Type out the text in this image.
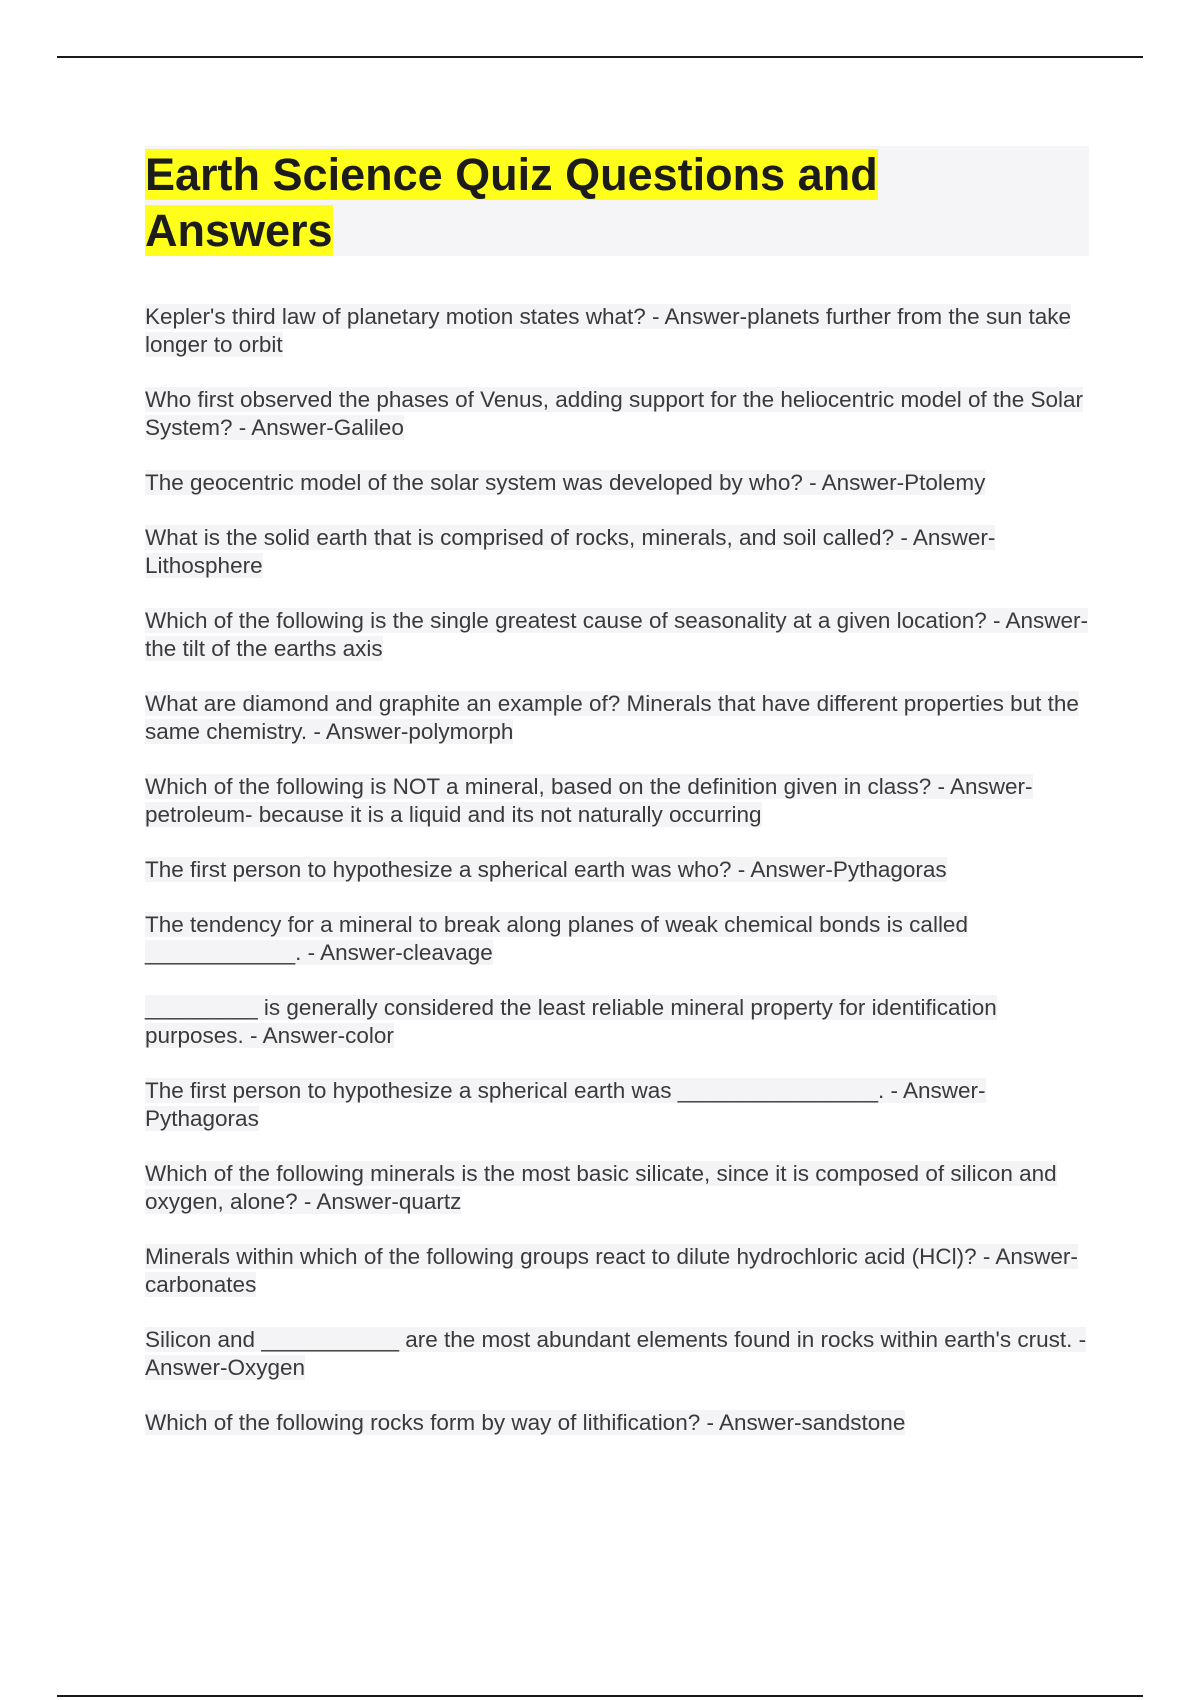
Earth Science Quiz Questions and Answers
Kepler's third law of planetary motion states what? - Answer-planets further from the sun take longer to orbit
Who first observed the phases of Venus, adding support for the heliocentric model of the Solar System? - Answer-Galileo
The geocentric model of the solar system was developed by who? - Answer-Ptolemy
What is the solid earth that is comprised of rocks, minerals, and soil called? - Answer-Lithosphere
Which of the following is the single greatest cause of seasonality at a given location? - Answer-the tilt of the earths axis
What are diamond and graphite an example of? Minerals that have different properties but the same chemistry. - Answer-polymorph
Which of the following is NOT a mineral, based on the definition given in class? - Answer-petroleum- because it is a liquid and its not naturally occurring
The first person to hypothesize a spherical earth was who? - Answer-Pythagoras
The tendency for a mineral to break along planes of weak chemical bonds is called ____________. - Answer-cleavage
_________ is generally considered the least reliable mineral property for identification purposes. - Answer-color
The first person to hypothesize a spherical earth was ________________. - Answer-Pythagoras
Which of the following minerals is the most basic silicate, since it is composed of silicon and oxygen, alone? - Answer-quartz
Minerals within which of the following groups react to dilute hydrochloric acid (HCl)? - Answer-carbonates
Silicon and ___________ are the most abundant elements found in rocks within earth's crust. - Answer-Oxygen
Which of the following rocks form by way of lithification? - Answer-sandstone
